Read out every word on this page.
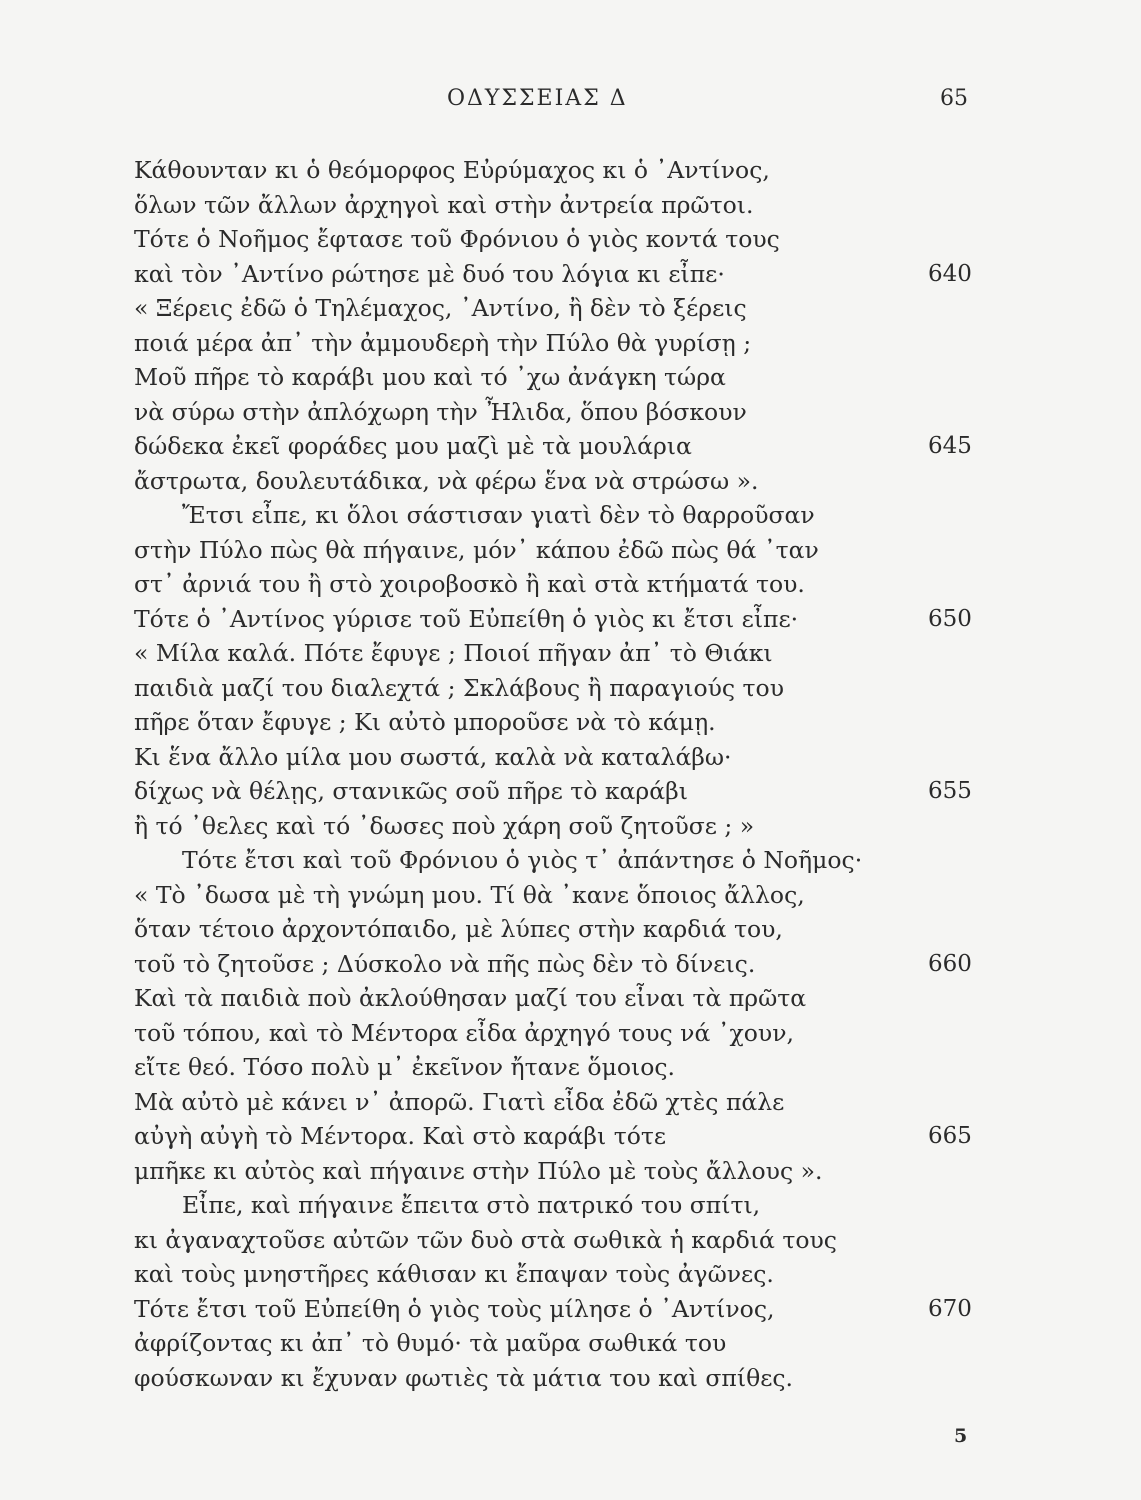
ΟΔΥΣΣΕΙΑΣ Δ	65
Κάθουνταν κι ὁ θεόμορφος Εὐρύμαχος κι ὁ ᾿Αντίνος,
ὅλων τῶν ἄλλων ἀρχηγοὶ καὶ στὴν ἀντρεία πρῶτοι.
Τότε ὁ Νοῆμος ἔφτασε τοῦ Φρόνιου ὁ γιὸς κοντά τους
καὶ τὸν ᾿Αντίνο ρώτησε μὲ δυό του λόγια κι εἶπε·	640
« Ξέρεις ἐδῶ ὁ Τηλέμαχος, ᾿Αντίνο, ἢ δὲν τὸ ξέρεις
ποιά μέρα ἀπ᾿ τὴν ἀμμουδερὴ τὴν Πύλο θὰ γυρίσῃ ;
Μοῦ πῆρε τὸ καράβι μου καὶ τό ᾿χω ἀνάγκη τώρα
νὰ σύρω στὴν ἀπλόχωρη τὴν Ἦλιδα, ὅπου βόσκουν
δώδεκα ἐκεῖ φοράδες μου μαζὶ μὲ τὰ μουλάρια	645
ἄστρωτα, δουλευτάδικα, νὰ φέρω ἕνα νὰ στρώσω ».
Ἔτσι εἶπε, κι ὅλοι σάστισαν γιατὶ δὲν τὸ θαρροῦσαν
στὴν Πύλο πὼς θὰ πήγαινε, μόν᾿ κάπου ἐδῶ πὼς θά ᾿ταν
στ᾿ ἀρνιά του ἢ στὸ χοιροβοσκὸ ἢ καὶ στὰ κτήματά του.
Τότε ὁ ᾿Αντίνος γύρισε τοῦ Εὐπείθη ὁ γιὸς κι ἔτσι εἶπε·	650
« Μίλα καλά. Πότε ἔφυγε ; Ποιοί πῆγαν ἀπ᾿ τὸ Θιάκι
παιδιὰ μαζί του διαλεχτά ; Σκλάβους ἢ παραγιούς του
πῆρε ὅταν ἔφυγε ; Κι αὐτὸ μποροῦσε νὰ τὸ κάμῃ.
Κι ἕνα ἄλλο μίλα μου σωστά, καλὰ νὰ καταλάβω·
δίχως νὰ θέλῃς, στανικῶς σοῦ πῆρε τὸ καράβι	655
ἢ τό ᾿θελες καὶ τό ᾿δωσες ποὺ χάρη σοῦ ζητοῦσε ; »
Τότε ἔτσι καὶ τοῦ Φρόνιου ὁ γιὸς τ᾿ ἀπάντησε ὁ Νοῆμος·
« Τὸ ᾿δωσα μὲ τὴ γνώμη μου. Τί θὰ ᾿κανε ὅποιος ἄλλος,
ὅταν τέτοιο ἀρχοντόπαιδο, μὲ λύπες στὴν καρδιά του,
τοῦ τὸ ζητοῦσε ; Δύσκολο νὰ πῆς πὼς δὲν τὸ δίνεις.	660
Καὶ τὰ παιδιὰ ποὺ ἀκλούθησαν μαζί του εἶναι τὰ πρῶτα
τοῦ τόπου, καὶ τὸ Μέντορα εἶδα ἀρχηγό τους νά ᾿χουν,
εἴτε θεό. Τόσο πολὺ μ᾿ ἐκεῖνον ἤτανε ὅμοιος.
Μὰ αὐτὸ μὲ κάνει ν᾿ ἀπορῶ. Γιατὶ εἶδα ἐδῶ χτὲς πάλε
αὐγὴ αὐγὴ τὸ Μέντορα. Καὶ στὸ καράβι τότε	665
μπῆκε κι αὐτὸς καὶ πήγαινε στὴν Πύλο μὲ τοὺς ἄλλους ».
Εἶπε, καὶ πήγαινε ἔπειτα στὸ πατρικό του σπίτι,
κι ἀγαναχτοῦσε αὐτῶν τῶν δυὸ στὰ σωθικὰ ἡ καρδιά τους
καὶ τοὺς μνηστῆρες κάθισαν κι ἔπαψαν τοὺς ἀγῶνες.
Τότε ἔτσι τοῦ Εὐπείθη ὁ γιὸς τοὺς μίλησε ὁ ᾿Αντίνος,	670
ἀφρίζοντας κι ἀπ᾿ τὸ θυμό· τὰ μαῦρα σωθικά του
φούσκωναν κι ἔχυναν φωτιὲς τὰ μάτια του καὶ σπίθες.
5
